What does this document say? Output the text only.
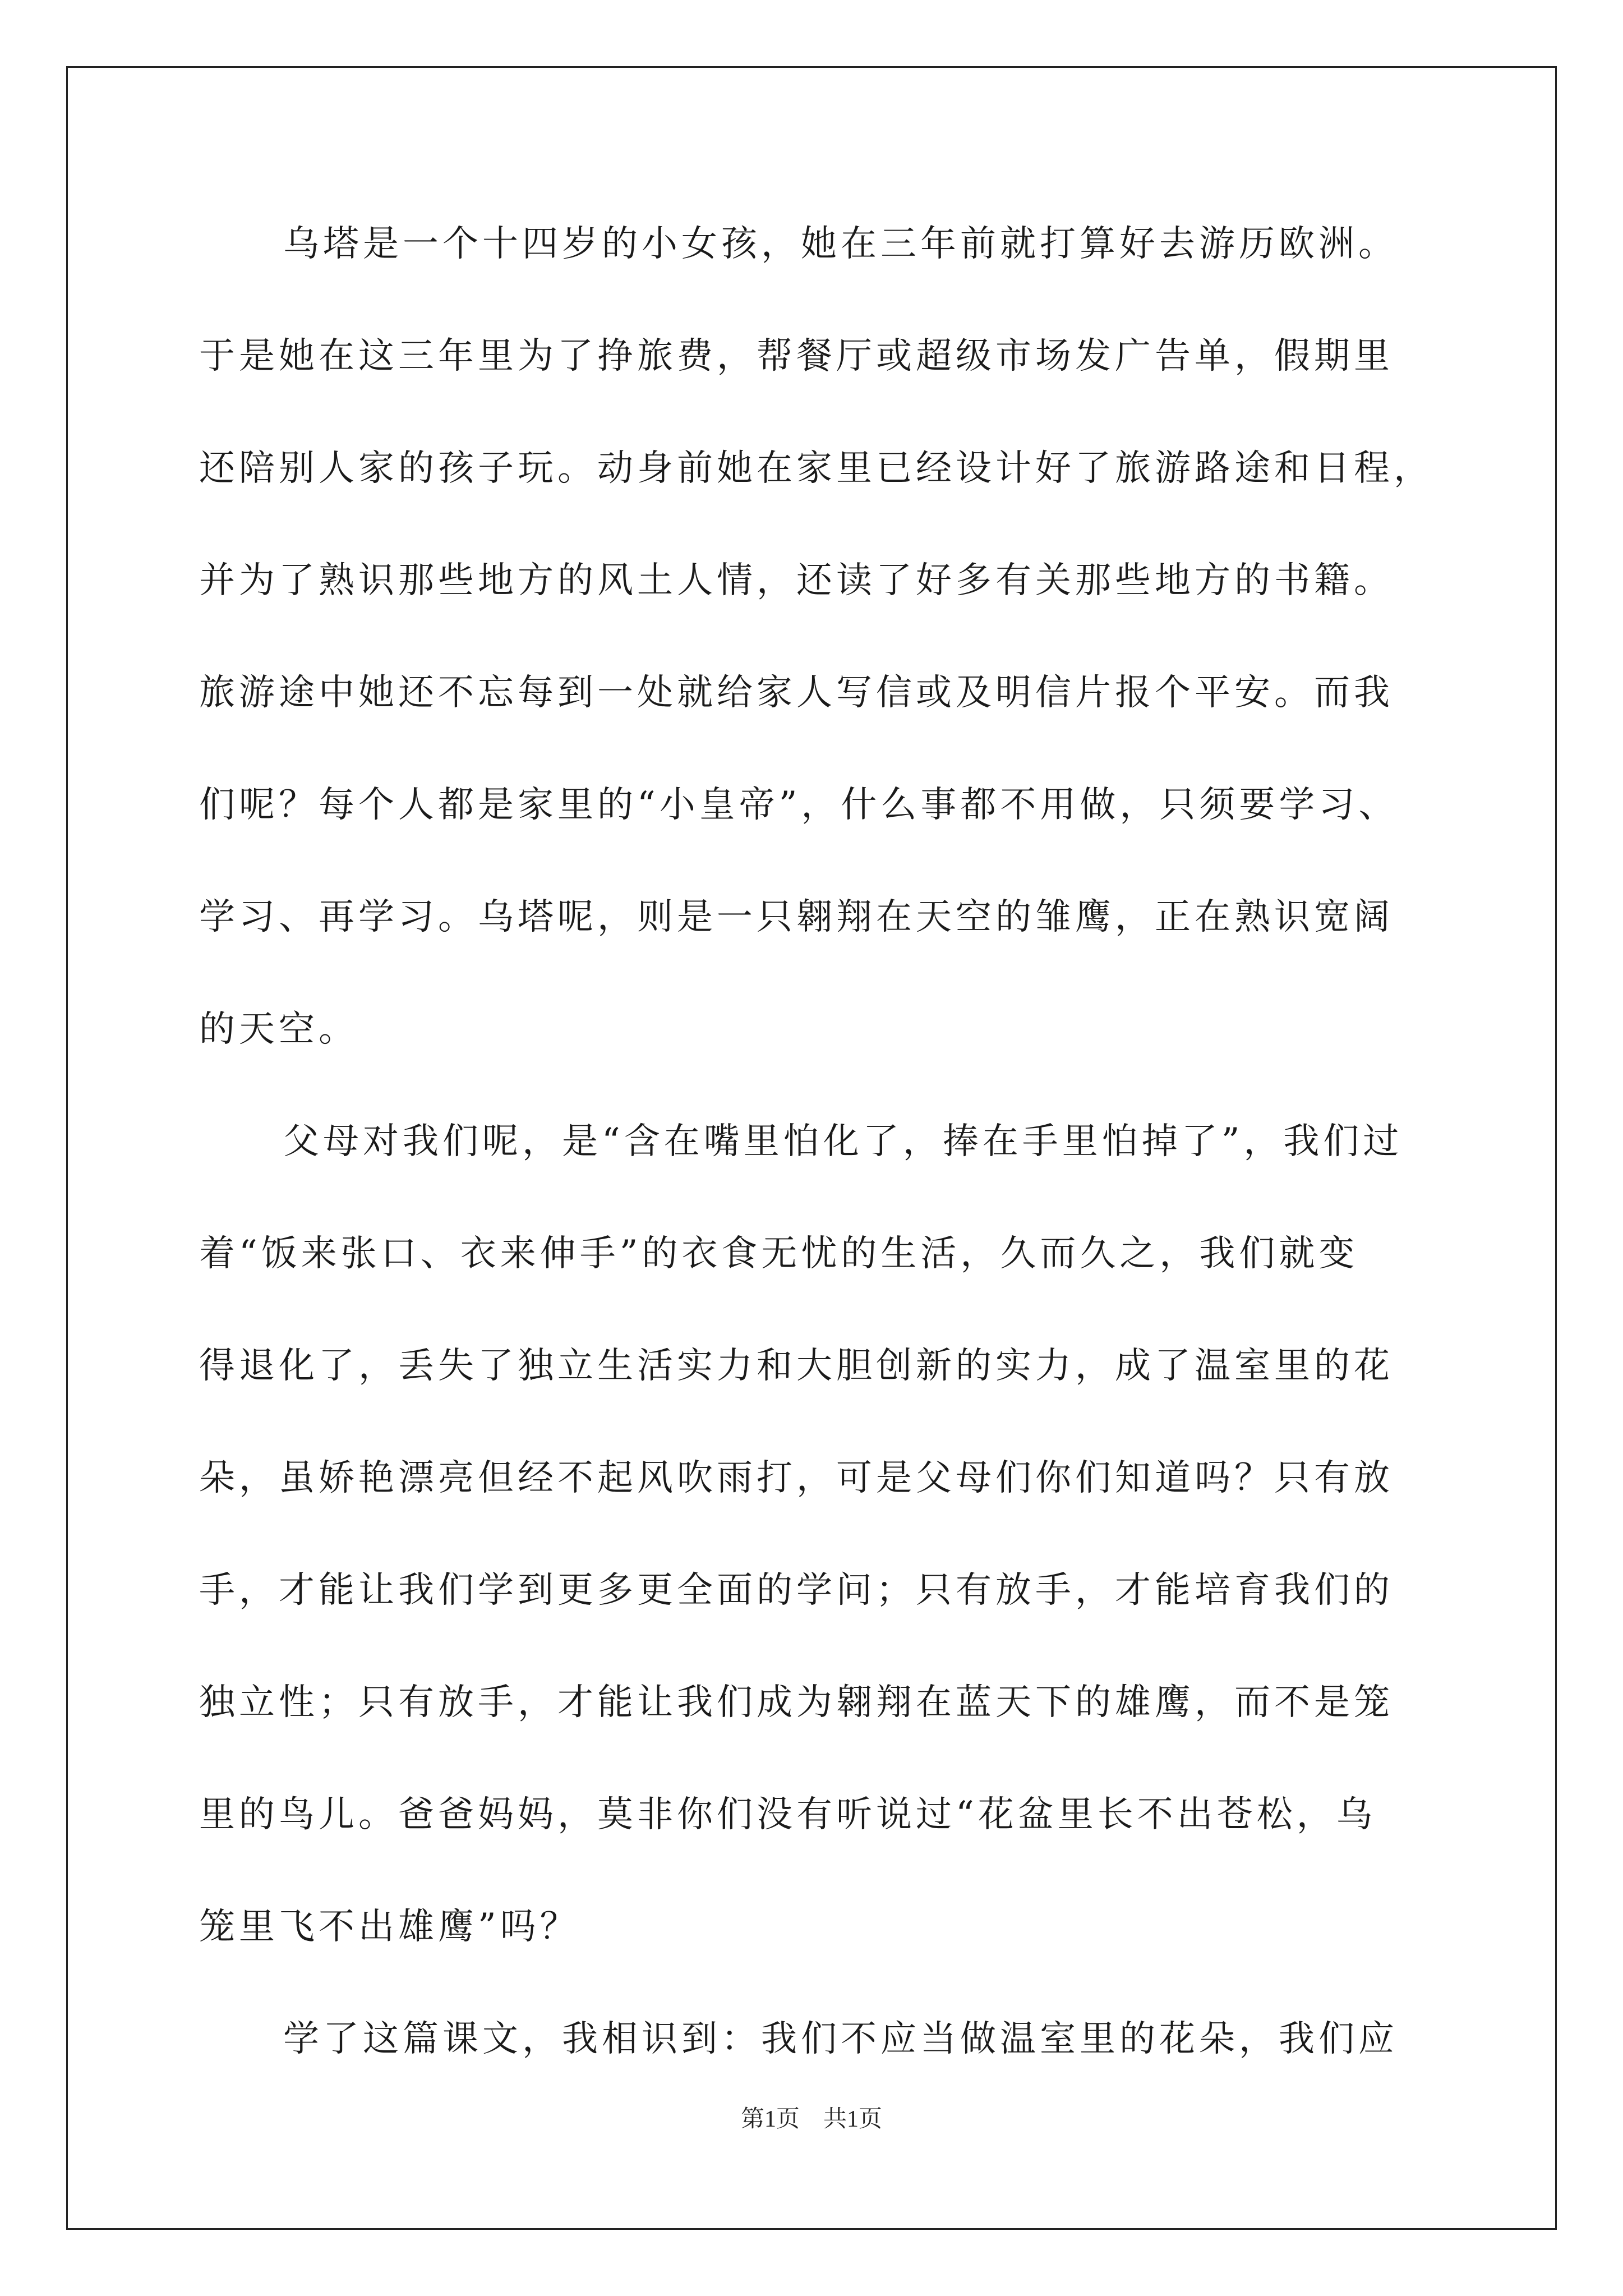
乌塔是一个十四岁的小女孩，她在三年前就打算好去游历欧洲。
于是她在这三年里为了挣旅费，帮餐厅或超级市场发广告单，假期里
还陪别人家的孩子玩。动身前她在家里已经设计好了旅游路途和日程，
并为了熟识那些地方的风土人情，还读了好多有关那些地方的书籍。
旅游途中她还不忘每到一处就给家人写信或及明信片报个平安。而我
们呢？每个人都是家里的“小皇帝”，什么事都不用做，只须要学习、
学习、再学习。乌塔呢，则是一只翱翔在天空的雏鹰，正在熟识宽阔
的天空。
父母对我们呢，是“含在嘴里怕化了，捧在手里怕掉了”，我们过
着“饭来张口、衣来伸手”的衣食无忧的生活，久而久之，我们就变
得退化了，丢失了独立生活实力和大胆创新的实力，成了温室里的花
朵，虽娇艳漂亮但经不起风吹雨打，可是父母们你们知道吗？只有放
手，才能让我们学到更多更全面的学问；只有放手，才能培育我们的
独立性；只有放手，才能让我们成为翱翔在蓝天下的雄鹰，而不是笼
里的鸟儿。爸爸妈妈，莫非你们没有听说过“花盆里长不出苍松，乌
笼里飞不出雄鹰”吗？
学了这篇课文，我相识到：我们不应当做温室里的花朵，我们应
第1页　共1页
